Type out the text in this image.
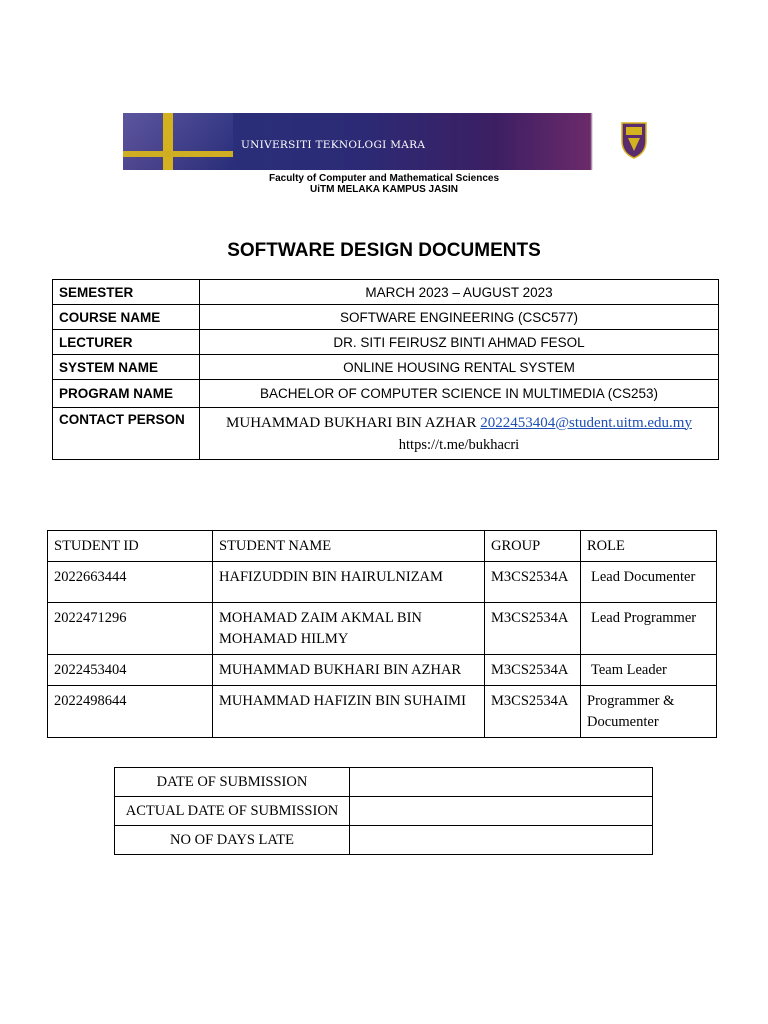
UNIVERSITI TEKNOLOGI MARA
Faculty of Computer and Mathematical Sciences
UiTM MELAKA KAMPUS JASIN
SOFTWARE DESIGN DOCUMENTS
SEMESTER	MARCH 2023 – AUGUST 2023
COURSE NAME	SOFTWARE ENGINEERING (CSC577)
LECTURER	DR. SITI FEIRUSZ BINTI AHMAD FESOL
SYSTEM NAME	ONLINE HOUSING RENTAL SYSTEM
PROGRAM NAME	BACHELOR OF COMPUTER SCIENCE IN MULTIMEDIA (CS253)
CONTACT PERSON	MUHAMMAD BUKHARI BIN AZHAR 2022453404@student.uitm.edu.my
https://t.me/bukhacri
STUDENT ID	STUDENT NAME	GROUP	ROLE
2022663444	HAFIZUDDIN BIN HAIRULNIZAM	M3CS2534A	Lead Documenter
2022471296	MOHAMAD ZAIM AKMAL BIN MOHAMAD HILMY	M3CS2534A	Lead Programmer
2022453404	MUHAMMAD BUKHARI BIN AZHAR	M3CS2534A	Team Leader
2022498644	MUHAMMAD HAFIZIN BIN SUHAIMI	M3CS2534A	Programmer & Documenter
DATE OF SUBMISSION	
ACTUAL DATE OF SUBMISSION	
NO OF DAYS LATE	
